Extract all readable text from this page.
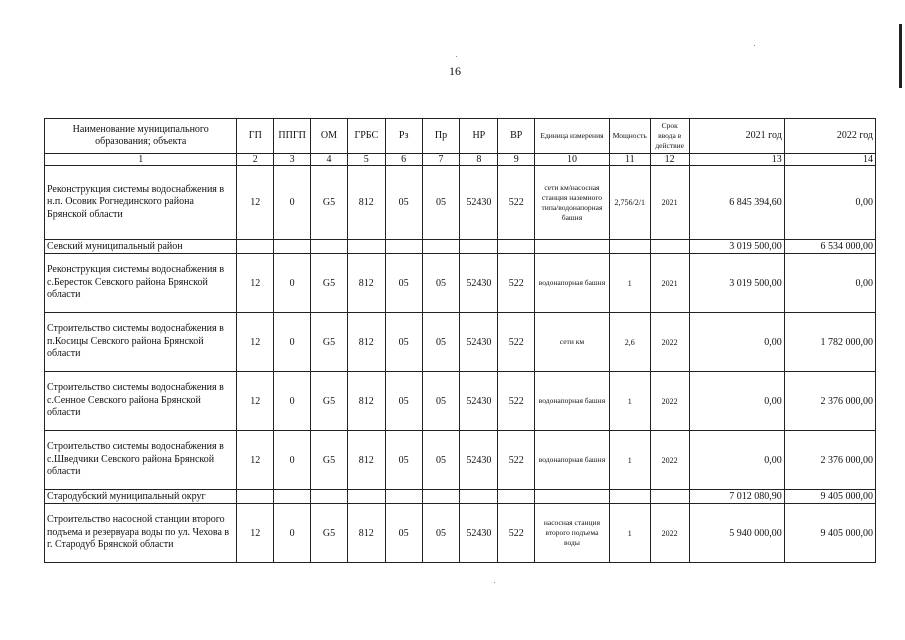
16
Наименование муниципального образования; объекта	ГП	ППГП	ОМ	ГРБС	Рз	Пр	НР	ВР	Единица измерения	Мощность	Срок ввода в действие	2021 год	2022 год
1	2	3	4	5	6	7	8	9	10	11	12	13	14
Реконструкция системы водоснабжения в н.п. Осовик Рогнединского района Брянской области	12	0	G5	812	05	05	52430	522	сети км/насосная станция наземного типа/водонапорная башня	2,756/2/1	2021	6 845 394,60	0,00
Севский муниципальный район												3 019 500,00	6 534 000,00
Реконструкция системы водоснабжения в с.Бересток Севского района Брянской области	12	0	G5	812	05	05	52430	522	водонапорная башня	1	2021	3 019 500,00	0,00
Строительство системы водоснабжения в п.Косицы Севского района Брянской области	12	0	G5	812	05	05	52430	522	сети км	2,6	2022	0,00	1 782 000,00
Строительство системы водоснабжения в с.Сенное Севского района Брянской области	12	0	G5	812	05	05	52430	522	водонапорная башня	1	2022	0,00	2 376 000,00
Строительство системы водоснабжения в с.Шведчики Севского района Брянской области	12	0	G5	812	05	05	52430	522	водонапорная башня	1	2022	0,00	2 376 000,00
Стародубский муниципальный округ												7 012 080,90	9 405 000,00
Строительство насосной станции второго подъема и резервуара воды по ул. Чехова в г. Стародуб Брянской области	12	0	G5	812	05	05	52430	522	насосная станция второго подъема воды	1	2022	5 940 000,00	9 405 000,00
